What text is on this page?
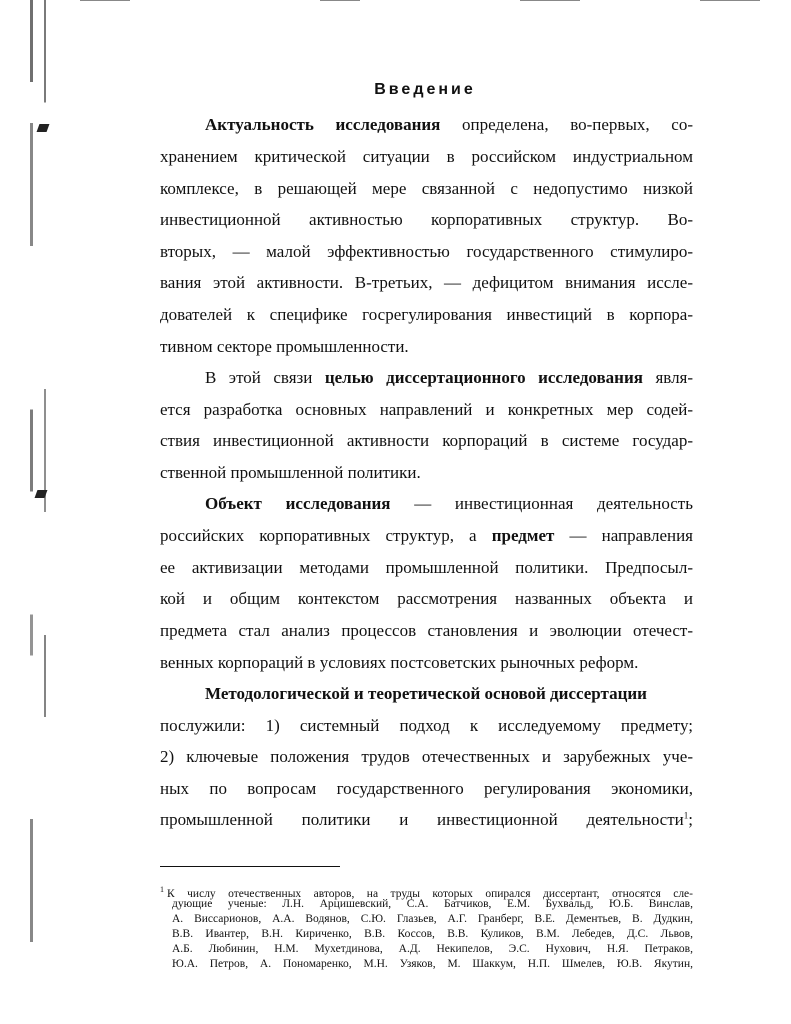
Введение
Актуальность исследования определена, во-первых, со-
хранением критической ситуации в российском индустриальном
комплексе, в решающей мере связанной с недопустимо низкой
инвестиционной активностью корпоративных структур. Во-
вторых, — малой эффективностью государственного стимулиро-
вания этой активности. В-третьих, — дефицитом внимания иссле-
дователей к специфике госрегулирования инвестиций в корпора-
тивном секторе промышленности.
В этой связи целью диссертационного исследования явля-
ется разработка основных направлений и конкретных мер содей-
ствия инвестиционной активности корпораций в системе государ-
ственной промышленной политики.
Объект исследования — инвестиционная деятельность
российских корпоративных структур, а предмет — направления
ее активизации методами промышленной политики. Предпосыл-
кой и общим контекстом рассмотрения названных объекта и
предмета стал анализ процессов становления и эволюции отечест-
венных корпораций в условиях постсоветских рыночных реформ.
Методологической и теоретической основой диссертации
послужили: 1) системный подход к исследуемому предмету;
2) ключевые положения трудов отечественных и зарубежных уче-
ных по вопросам государственного регулирования экономики,
промышленной политики и инвестиционной деятельности$^1$;
$^1$ К числу отечественных авторов, на труды которых опирался диссертант, относятся сле-
дующие ученые: Л.Н. Арцишевский, С.А. Батчиков, Е.М. Бухвальд, Ю.Б. Винслав,
А. Виссарионов, А.А. Водянов, С.Ю. Глазьев, А.Г. Гранберг, В.Е. Дементьев, В. Дудкин,
В.В. Ивантер, В.Н. Кириченко, В.В. Коссов, В.В. Куликов, В.М. Лебедев, Д.С. Львов,
А.Б. Любинин, Н.М. Мухетдинова, А.Д. Некипелов, Э.С. Нухович, Н.Я. Петраков,
Ю.А. Петров, А. Пономаренко, М.Н. Узяков, М. Шаккум, Н.П. Шмелев, Ю.В. Якутин,
